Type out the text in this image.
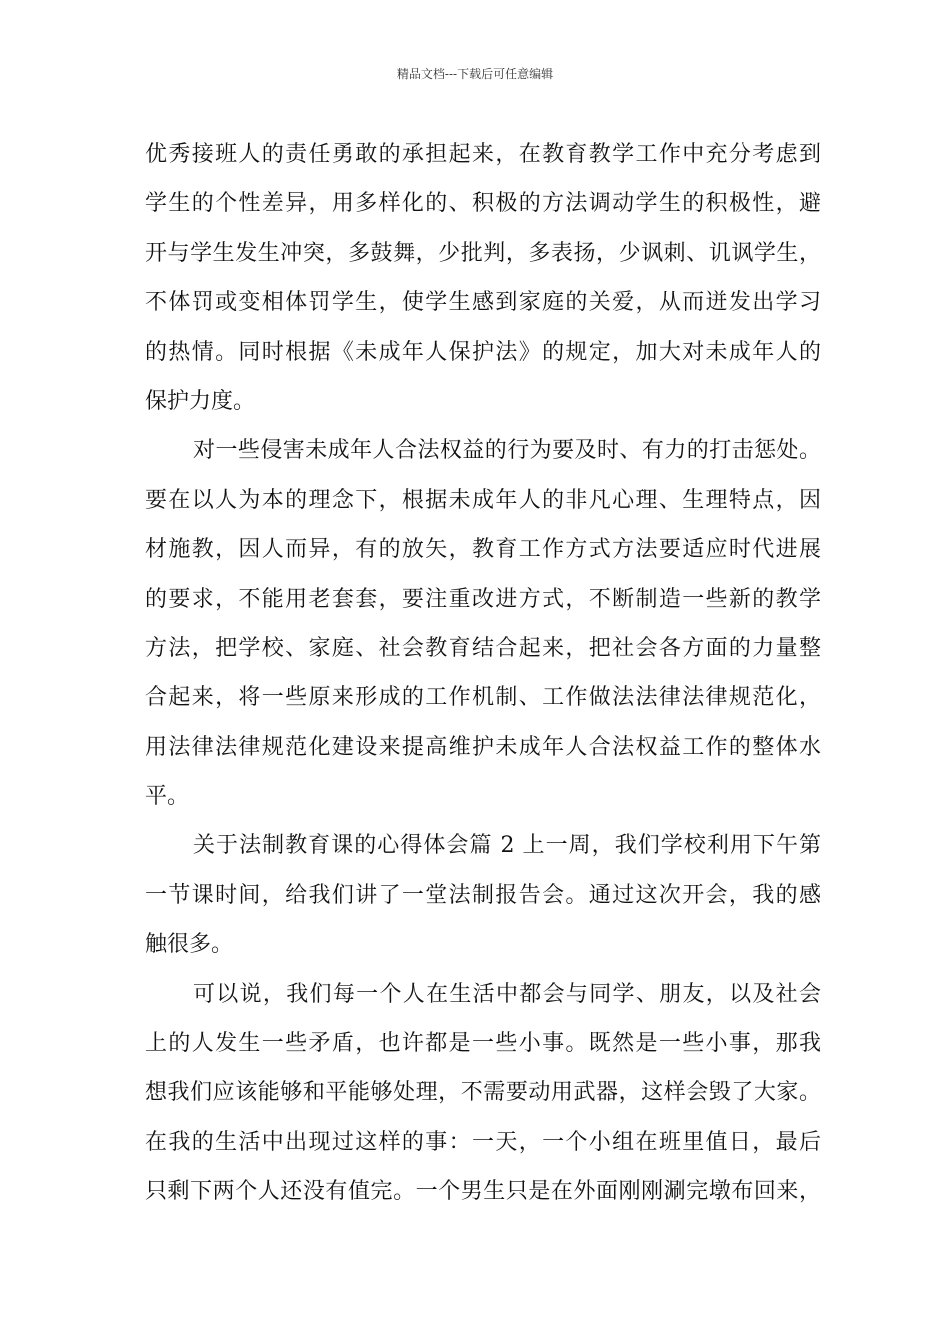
精品文档---下载后可任意编辑
优秀接班人的责任勇敢的承担起来，在教育教学工作中充分考虑到
学生的个性差异，用多样化的、积极的方法调动学生的积极性，避
开与学生发生冲突，多鼓舞，少批判，多表扬，少讽刺、讥讽学生，
不体罚或变相体罚学生，使学生感到家庭的关爱，从而迸发出学习
的热情。同时根据《未成年人保护法》的规定，加大对未成年人的
保护力度。
对一些侵害未成年人合法权益的行为要及时、有力的打击惩处。
要在以人为本的理念下，根据未成年人的非凡心理、生理特点，因
材施教，因人而异，有的放矢，教育工作方式方法要适应时代进展
的要求，不能用老套套，要注重改进方式，不断制造一些新的教学
方法，把学校、家庭、社会教育结合起来，把社会各方面的力量整
合起来，将一些原来形成的工作机制、工作做法法律法律规范化，
用法律法律规范化建设来提高维护未成年人合法权益工作的整体水
平。
关于法制教育课的心得体会篇 2 上一周，我们学校利用下午第
一节课时间，给我们讲了一堂法制报告会。通过这次开会，我的感
触很多。
可以说，我们每一个人在生活中都会与同学、朋友，以及社会
上的人发生一些矛盾，也许都是一些小事。既然是一些小事，那我
想我们应该能够和平能够处理，不需要动用武器，这样会毁了大家。
在我的生活中出现过这样的事：一天，一个小组在班里值日，最后
只剩下两个人还没有值完。一个男生只是在外面刚刚涮完墩布回来，
